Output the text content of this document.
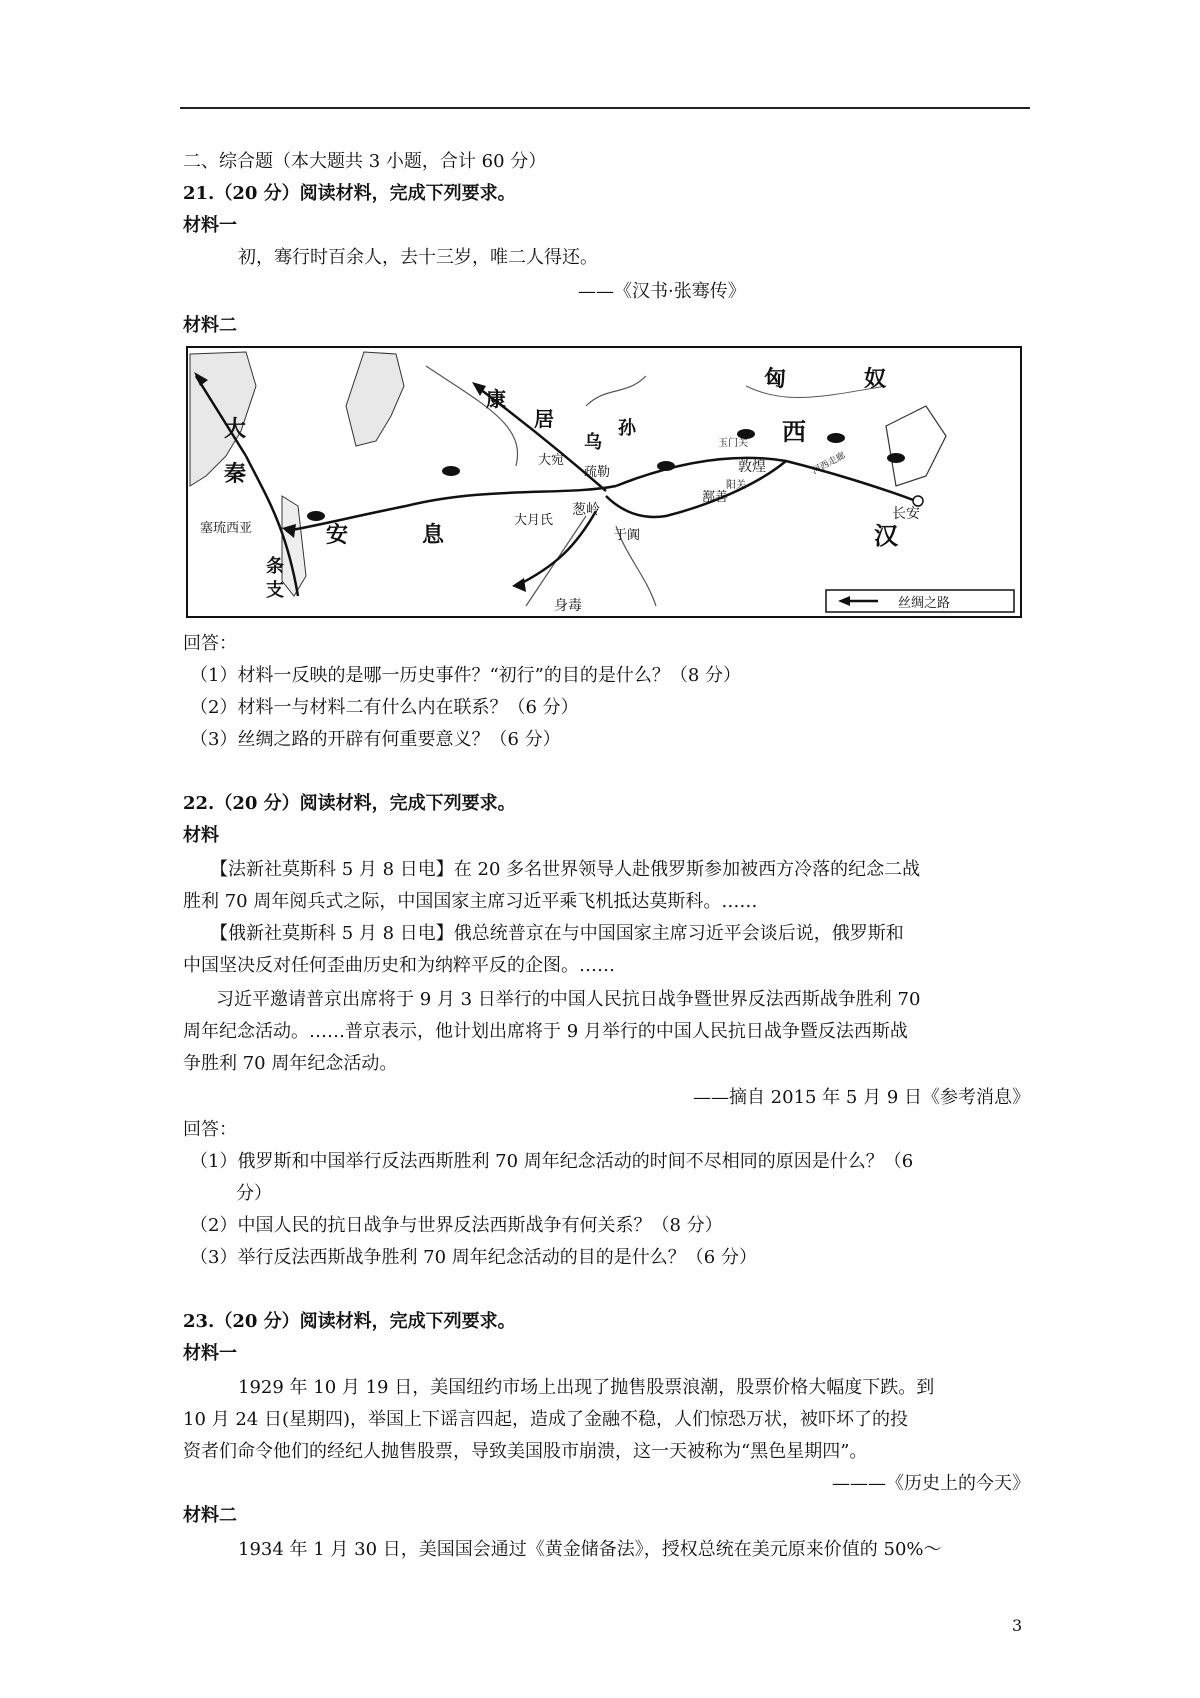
二、综合题（本大题共 3 小题，合计 60 分）
21.（20 分）阅读材料，完成下列要求。
材料一
初，骞行时百余人，去十三岁，唯二人得还。
——《汉书·张骞传》
材料二
匈	奴
大
秦
康
居
乌
孙
大宛
疏勒
大月氏
葱岭
玉门关
敦煌
阳关
河西走廊
西
汉
长安
鄯善
于阗
安	息
塞琉西亚
条
支
身毒	丝绸之路
回答：
（1）材料一反映的是哪一历史事件？“初行”的目的是什么？（8 分）
（2）材料一与材料二有什么内在联系？（6 分）
（3）丝绸之路的开辟有何重要意义？（6 分）
22.（20 分）阅读材料，完成下列要求。
材料
【法新社莫斯科 5 月 8 日电】在 20 多名世界领导人赴俄罗斯参加被西方冷落的纪念二战
胜利 70 周年阅兵式之际，中国国家主席习近平乘飞机抵达莫斯科。……
【俄新社莫斯科 5 月 8 日电】俄总统普京在与中国国家主席习近平会谈后说，俄罗斯和
中国坚决反对任何歪曲历史和为纳粹平反的企图。……
习近平邀请普京出席将于 9 月 3 日举行的中国人民抗日战争暨世界反法西斯战争胜利 70
周年纪念活动。……普京表示，他计划出席将于 9 月举行的中国人民抗日战争暨反法西斯战
争胜利 70 周年纪念活动。
——摘自 2015 年 5 月 9 日《参考消息》
回答：
（1）俄罗斯和中国举行反法西斯胜利 70 周年纪念活动的时间不尽相同的原因是什么？（6
分）
（2）中国人民的抗日战争与世界反法西斯战争有何关系？（8 分）
（3）举行反法西斯战争胜利 70 周年纪念活动的目的是什么？（6 分）
23.（20 分）阅读材料，完成下列要求。
材料一
1929 年 10 月 19 日，美国纽约市场上出现了抛售股票浪潮，股票价格大幅度下跌。到
10 月 24 日(星期四)，举国上下谣言四起，造成了金融不稳，人们惊恐万状，被吓坏了的投
资者们命令他们的经纪人抛售股票，导致美国股市崩溃，这一天被称为“黑色星期四”。
———《历史上的今天》
材料二
1934 年 1 月 30 日，美国国会通过《黄金储备法》，授权总统在美元原来价值的 50%～
3
